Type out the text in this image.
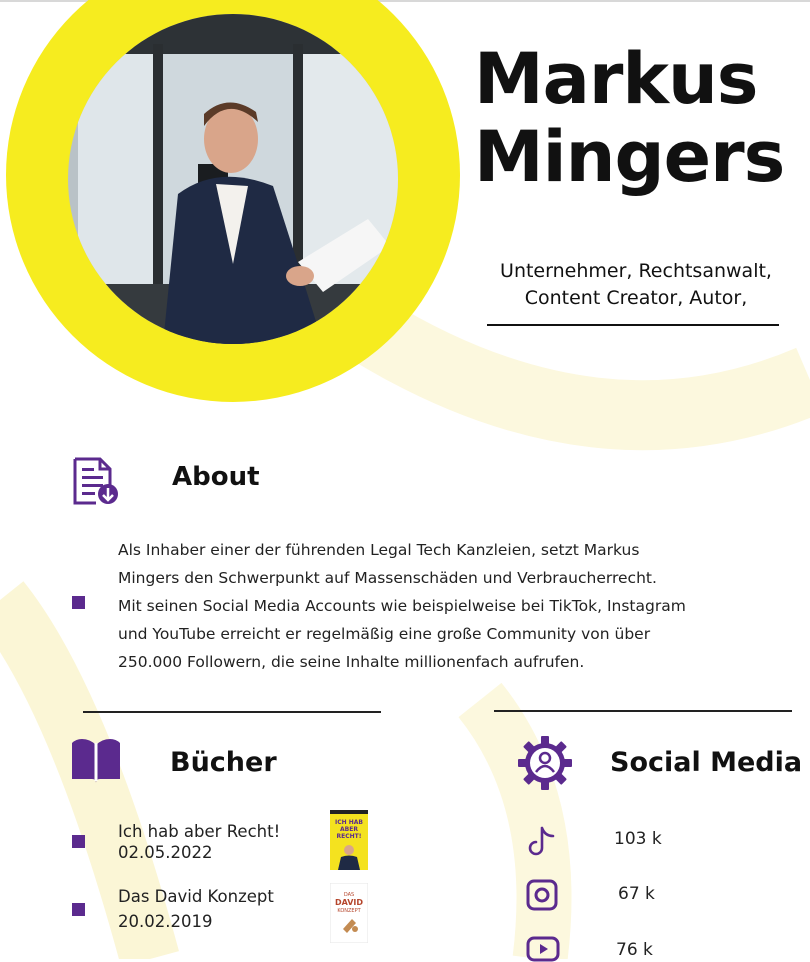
Markus
Mingers
Unternehmer, Rechtsanwalt,
Content Creator, Autor,
About

Als Inhaber einer der führenden Legal Tech Kanzleien, setzt Markus
Mingers den Schwerpunkt auf Massenschäden und Verbraucherrecht.
Mit seinen Social Media Accounts wie beispielweise bei TikTok, Instagram
und YouTube erreicht er regelmäßig eine große Community von über
250.000 Followern, die seine Inhalte millionenfach aufrufen.

Bücher
Ich hab aber Recht!
02.05.2022
ICH HAB
ABER
RECHT!
Das David Konzept
20.02.2019
DAS
DAVID
KONZEPT
Social Media
103 k
67 k
76 k
